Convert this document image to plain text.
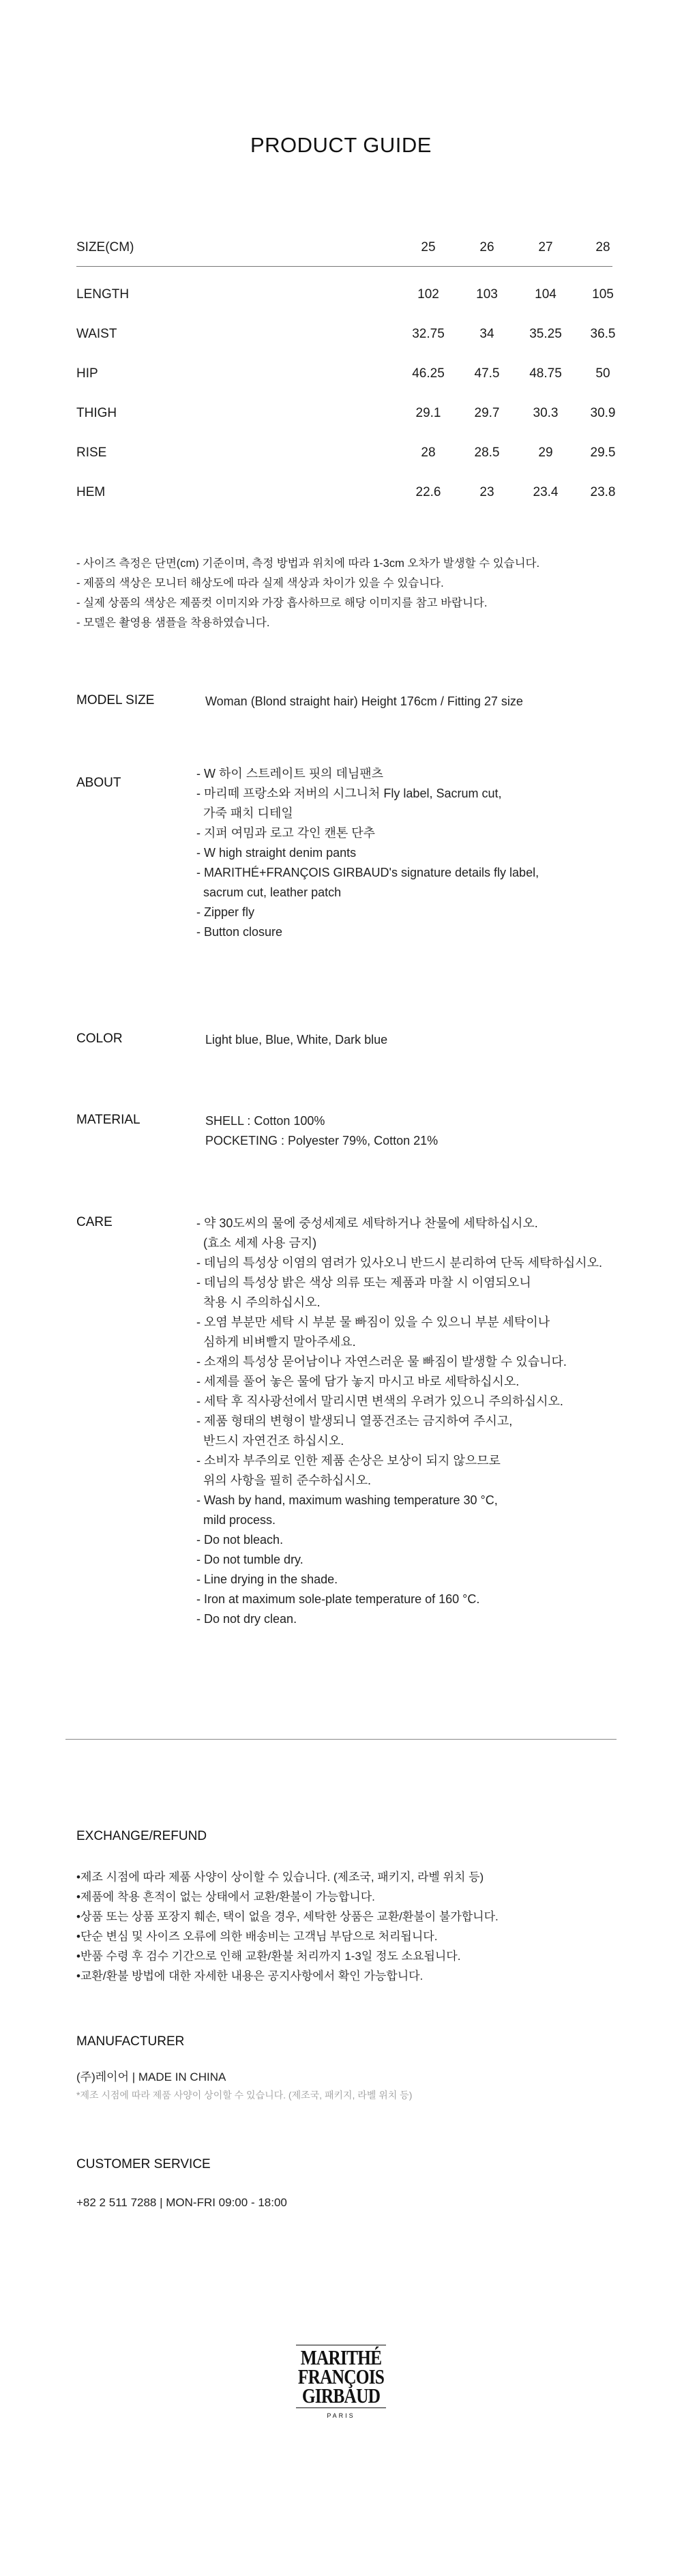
PRODUCT GUIDE
SIZE(CM)	25	26	27	28
LENGTH	102	103	104	105
WAIST	32.75	34	35.25	36.5
HIP	46.25	47.5	48.75	50
THIGH	29.1	29.7	30.3	30.9
RISE	28	28.5	29	29.5
HEM	22.6	23	23.4	23.8
- 사이즈 측정은 단면(cm) 기준이며, 측정 방법과 위치에 따라 1-3cm 오차가 발생할 수 있습니다.
- 제품의 색상은 모니터 해상도에 따라 실제 색상과 차이가 있을 수 있습니다.
- 실제 상품의 색상은 제품컷 이미지와 가장 흡사하므로 해당 이미지를 참고 바랍니다.
- 모델은 촬영용 샘플을 착용하였습니다.
MODEL SIZE	Woman (Blond straight hair) Height 176cm / Fitting 27 size
ABOUT
- W 하이 스트레이트 핏의 데님팬츠
- 마리떼 프랑소와 저버의 시그니처 Fly label, Sacrum cut,
가죽 패치 디테일
- 지퍼 여밈과 로고 각인 캔톤 단추
- W high straight denim pants
- MARITHÉ+FRANÇOIS GIRBAUD's signature details fly label,
sacrum cut, leather patch
- Zipper fly
- Button closure
COLOR	Light blue, Blue, White, Dark blue
MATERIAL	SHELL : Cotton 100%
POCKETING : Polyester 79%, Cotton 21%
CARE	- 약 30도씨의 물에 중성세제로 세탁하거나 찬물에 세탁하십시오.
(효소 세제 사용 금지)
- 데님의 특성상 이염의 염려가 있사오니 반드시 분리하여 단독 세탁하십시오.
- 데님의 특성상 밝은 색상 의류 또는 제품과 마찰 시 이염되오니
착용 시 주의하십시오.
- 오염 부분만 세탁 시 부분 물 빠짐이 있을 수 있으니 부분 세탁이나
심하게 비벼빨지 말아주세요.
- 소재의 특성상 묻어남이나 자연스러운 물 빠짐이 발생할 수 있습니다.
- 세제를 풀어 놓은 물에 담가 놓지 마시고 바로 세탁하십시오.
- 세탁 후 직사광선에서 말리시면 변색의 우려가 있으니 주의하십시오.
- 제품 형태의 변형이 발생되니 열풍건조는 금지하여 주시고,
반드시 자연건조 하십시오.
- 소비자 부주의로 인한 제품 손상은 보상이 되지 않으므로
위의 사항을 필히 준수하십시오.
- Wash by hand, maximum washing temperature 30 °C,
mild process.
- Do not bleach.
- Do not tumble dry.
- Line drying in the shade.
- Iron at maximum sole-plate temperature of 160 °C.
- Do not dry clean.
EXCHANGE/REFUND
•제조 시점에 따라 제품 사양이 상이할 수 있습니다. (제조국, 패키지, 라벨 위치 등)
•제품에 착용 흔적이 없는 상태에서 교환/환불이 가능합니다.
•상품 또는 상품 포장지 훼손, 택이 없을 경우, 세탁한 상품은 교환/환불이 불가합니다.
•단순 변심 및 사이즈 오류에 의한 배송비는 고객님 부담으로 처리됩니다.
•반품 수령 후 검수 기간으로 인해 교환/환불 처리까지 1-3일 정도 소요됩니다.
•교환/환불 방법에 대한 자세한 내용은 공지사항에서 확인 가능합니다.
MANUFACTURER
(주)레이어 | MADE IN CHINA
*제조 시점에 따라 제품 사양이 상이할 수 있습니다. (제조국, 패키지, 라벨 위치 등)
CUSTOMER SERVICE
+82 2 511 7288 | MON-FRI 09:00 - 18:00
MARITHÉ
FRANÇOIS
GIRBAUD
PARIS
